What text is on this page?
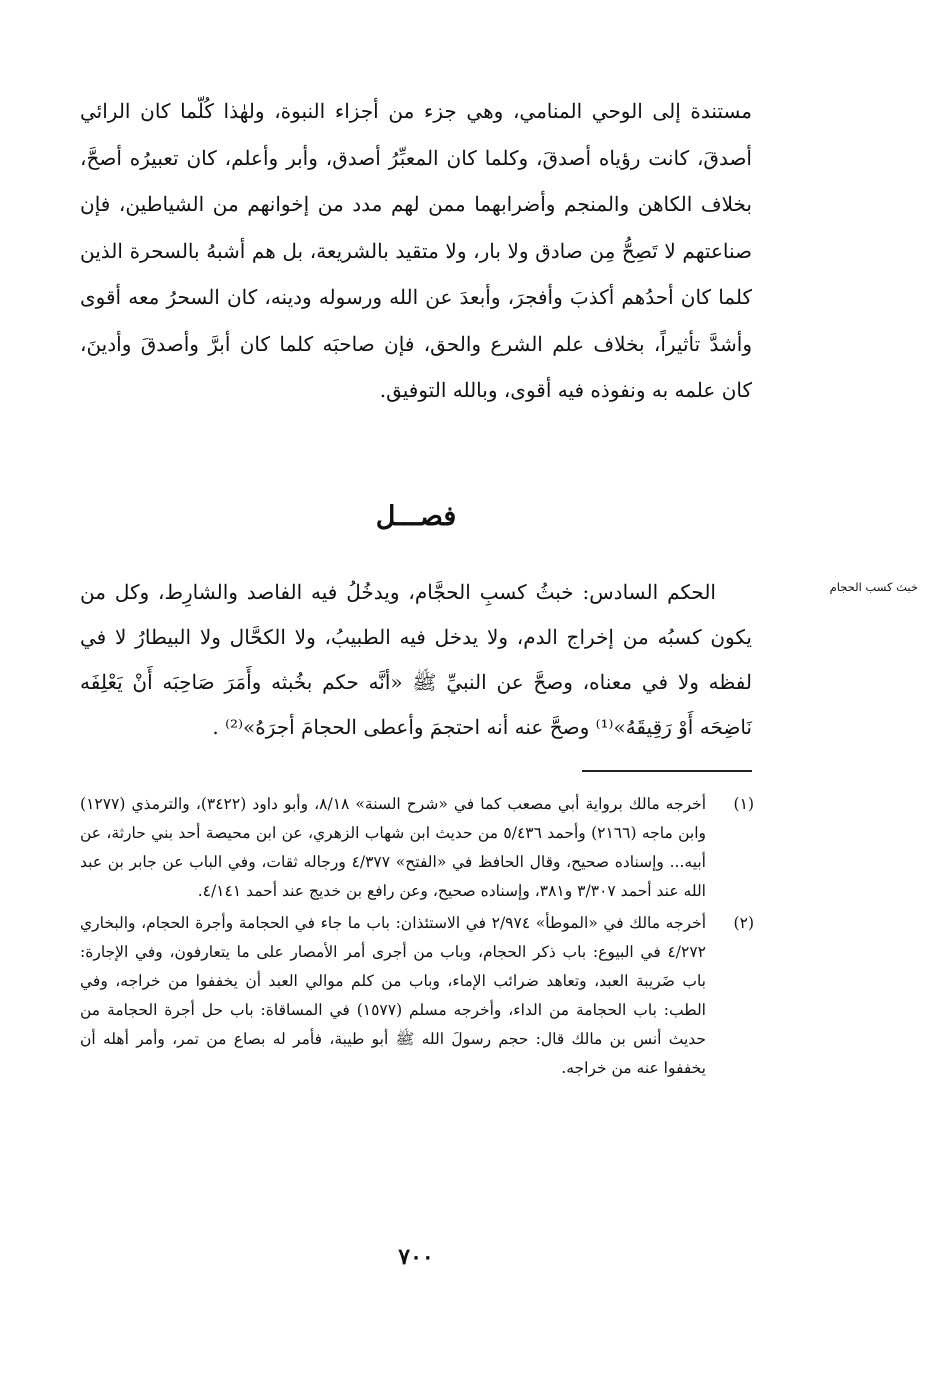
مستندة إلى الوحي المنامي، وهي جزء من أجزاء النبوة، ولهٰذا كُلّما كان الرائي أصدقَ، كانت رؤياه أصدقَ، وكلما كان المعبِّرُ أصدق، وأبر وأعلم، كان تعبيرُه أصحَّ، بخلاف الكاهن والمنجم وأضرابهما ممن لهم مدد من إخوانهم من الشياطين، فإن صناعتهم لا تَصِحُّ مِن صادق ولا بار، ولا متقيد بالشريعة، بل هم أشبهُ بالسحرة الذين كلما كان أحدُهم أكذبَ وأفجرَ، وأبعدَ عن الله ورسوله ودينه، كان السحرُ معه أقوى وأشدَّ تأثيراً، بخلاف علم الشرع والحق، فإن صاحبَه كلما كان أبرَّ وأصدقَ وأدينَ، كان علمه به ونفوذه فيه أقوى، وبالله التوفيق.

فصـــل
خبث كسب الحجام

الحكم السادس: خبثُ كسبِ الحجَّام، ويدخُلُ فيه الفاصد والشارِط، وكل من يكون كسبُه من إخراج الدم، ولا يدخل فيه الطبيبُ، ولا الكحَّال ولا البيطارُ لا في لفظه ولا في معناه، وصحَّ عن النبيِّ ﷺ «أنَّه حكم بخُبثه وأَمَرَ صَاحِبَه أَنْ يَعْلِفَه نَاضِحَه أَوْ رَقِيقَهُ»⁽¹⁾ وصحَّ عنه أنه احتجمَ وأعطى الحجامَ أجرَهُ»⁽²⁾ .

(١)
أخرجه مالك برواية أبي مصعب كما في «شرح السنة» ٨/١٨، وأبو داود (٣٤٢٢)، والترمذي (١٢٧٧) وابن ماجه (٢١٦٦) وأحمد ٥/٤٣٦ من حديث ابن شهاب الزهري، عن ابن محيصة أحد بني حارثة، عن أبيه... وإسناده صحيح، وقال الحافظ في «الفتح» ٤/٣٧٧ ورجاله ثقات، وفي الباب عن جابر بن عبد الله عند أحمد ٣/٣٠٧ و٣٨١، وإسناده صحيح، وعن رافع بن خديج عند أحمد ٤/١٤١.
(٢)
أخرجه مالك في «الموطأ» ٢/٩٧٤ في الاستئذان: باب ما جاء في الحجامة وأجرة الحجام، والبخاري ٤/٢٧٢ في البيوع: باب ذكر الحجام، وباب من أجرى أمر الأمصار على ما يتعارفون، وفي الإجارة: باب ضَريبة العبد، وتعاهد ضرائب الإماء، وباب من كلم موالي العبد أن يخففوا من خراجه، وفي الطب: باب الحجامة من الداء، وأخرجه مسلم (١٥٧٧) في المساقاة: باب حل أجرة الحجامة من حديث أنس بن مالك قال: حجم رسولَ الله ﷺ أبو طيبة، فأمر له بصاع من تمر، وأمر أهله أن يخففوا عنه من خراجه.
٧٠٠
